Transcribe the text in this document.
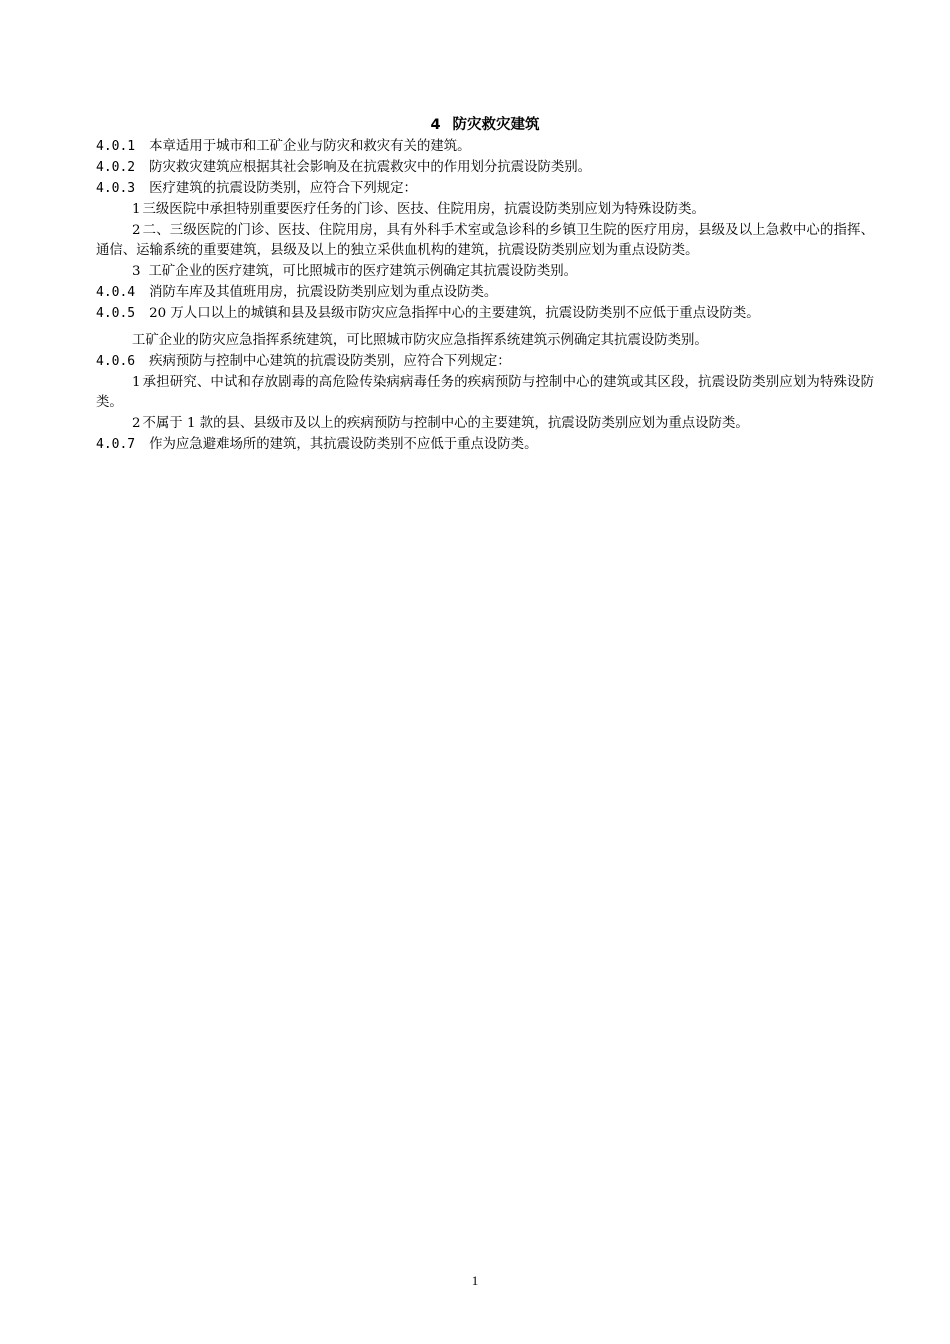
4 防灾救灾建筑

4.0.1 本章适用于城市和工矿企业与防灾和救灾有关的建筑。

4.0.2 防灾救灾建筑应根据其社会影响及在抗震救灾中的作用划分抗震设防类别。

4.0.3 医疗建筑的抗震设防类别，应符合下列规定：

1 三级医院中承担特别重要医疗任务的门诊、医技、住院用房，抗震设防类别应划为特殊设防类。

2 二、三级医院的门诊、医技、住院用房，具有外科手术室或急诊科的乡镇卫生院的医疗用房，县级及以上急救中心的指挥、通信、运输系统的重要建筑，县级及以上的独立采供血机构的建筑，抗震设防类别应划为重点设防类。

3 工矿企业的医疗建筑，可比照城市的医疗建筑示例确定其抗震设防类别。

4.0.4 消防车库及其值班用房，抗震设防类别应划为重点设防类。

4.0.5 20 万人口以上的城镇和县及县级市防灾应急指挥中心的主要建筑，抗震设防类别不应低于重点设防类。

工矿企业的防灾应急指挥系统建筑，可比照城市防灾应急指挥系统建筑示例确定其抗震设防类别。

4.0.6 疾病预防与控制中心建筑的抗震设防类别，应符合下列规定：

1 承担研究、中试和存放剧毒的高危险传染病病毒任务的疾病预防与控制中心的建筑或其区段，抗震设防类别应划为特殊设防类。

2 不属于 1 款的县、县级市及以上的疾病预防与控制中心的主要建筑，抗震设防类别应划为重点设防类。

4.0.7 作为应急避难场所的建筑，其抗震设防类别不应低于重点设防类。

1
